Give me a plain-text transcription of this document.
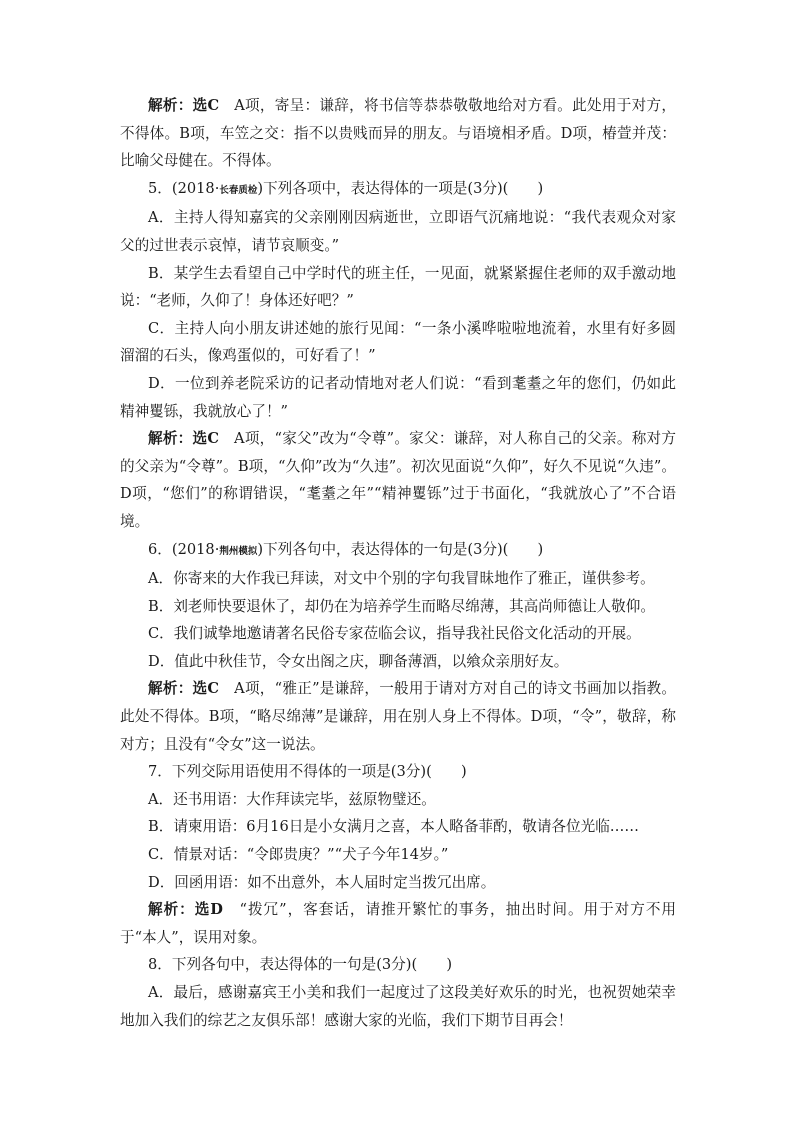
解析：选C　A项，寄呈：谦辞，将书信等恭恭敬敬地给对方看。此处用于对方，不得体。B项，车笠之交：指不以贵贱而异的朋友。与语境相矛盾。D项，椿萱并茂：比喻父母健在。不得体。

5．(2018·长春质检)下列各项中，表达得体的一项是(3分)(　　)

A．主持人得知嘉宾的父亲刚刚因病逝世，立即语气沉痛地说：“我代表观众对家父的过世表示哀悼，请节哀顺变。”

B．某学生去看望自己中学时代的班主任，一见面，就紧紧握住老师的双手激动地说：“老师，久仰了！身体还好吧？”

C．主持人向小朋友讲述她的旅行见闻：“一条小溪哗啦啦地流着，水里有好多圆溜溜的石头，像鸡蛋似的，可好看了！”

D．一位到养老院采访的记者动情地对老人们说：“看到耄耋之年的您们，仍如此精神矍铄，我就放心了！”

解析：选C　A项，“家父”改为“令尊”。家父：谦辞，对人称自己的父亲。称对方的父亲为“令尊”。B项，“久仰”改为“久违”。初次见面说“久仰”，好久不见说“久违”。D项，“您们”的称谓错误，“耄耋之年”“精神矍铄”过于书面化，“我就放心了”不合语境。

6．(2018·荆州模拟)下列各句中，表达得体的一句是(3分)(　　)

A．你寄来的大作我已拜读，对文中个别的字句我冒昧地作了雅正，谨供参考。

B．刘老师快要退休了，却仍在为培养学生而略尽绵薄，其高尚师德让人敬仰。

C．我们诚挚地邀请著名民俗专家莅临会议，指导我社民俗文化活动的开展。

D．值此中秋佳节，令女出阁之庆，聊备薄酒，以飨众亲朋好友。

解析：选C　A项，“雅正”是谦辞，一般用于请对方对自己的诗文书画加以指教。此处不得体。B项，“略尽绵薄”是谦辞，用在别人身上不得体。D项，“令”，敬辞，称对方；且没有“令女”这一说法。

7．下列交际用语使用不得体的一项是(3分)(　　)

A．还书用语：大作拜读完毕，兹原物璧还。

B．请柬用语：6月16日是小女满月之喜，本人略备菲酌，敬请各位光临……

C．情景对话：“令郎贵庚？”“犬子今年14岁。”

D．回函用语：如不出意外，本人届时定当拨冗出席。

解析：选D　“拨冗”，客套话，请推开繁忙的事务，抽出时间。用于对方不用于“本人”，误用对象。

8．下列各句中，表达得体的一句是(3分)(　　)

A．最后，感谢嘉宾王小美和我们一起度过了这段美好欢乐的时光，也祝贺她荣幸地加入我们的综艺之友俱乐部！感谢大家的光临，我们下期节目再会！
